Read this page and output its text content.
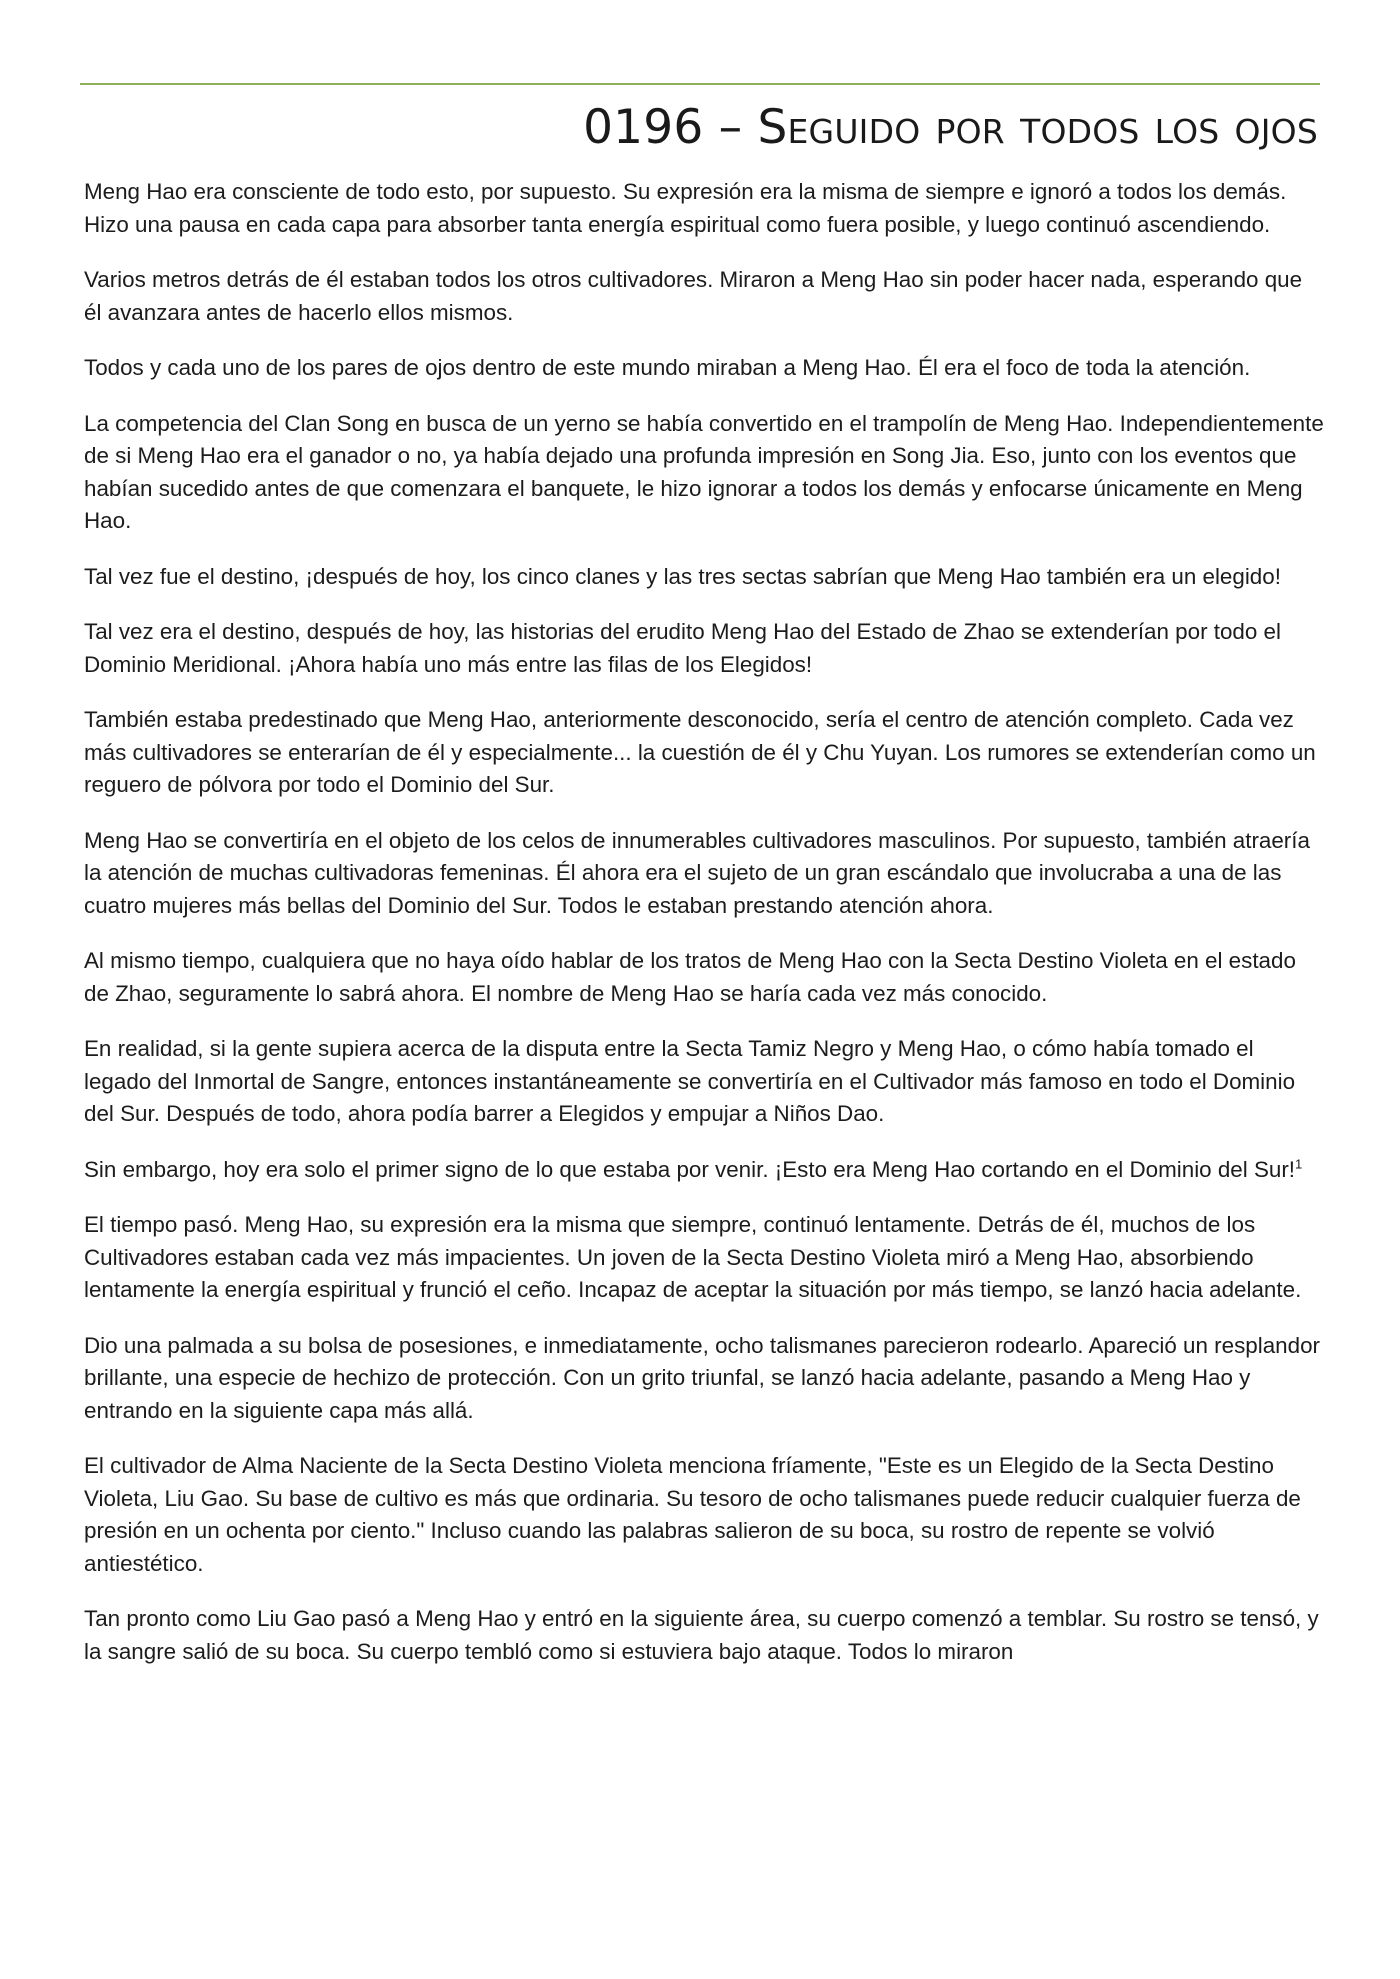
0196 – Seguido por todos los ojos

Meng Hao era consciente de todo esto, por supuesto. Su expresión era la misma de siempre e ignoró a todos los demás. Hizo una pausa en cada capa para absorber tanta energía espiritual como fuera posible, y luego continuó ascendiendo.

Varios metros detrás de él estaban todos los otros cultivadores. Miraron a Meng Hao sin poder hacer nada, esperando que él avanzara antes de hacerlo ellos mismos.

Todos y cada uno de los pares de ojos dentro de este mundo miraban a Meng Hao. Él era el foco de toda la atención.

La competencia del Clan Song en busca de un yerno se había convertido en el trampolín de Meng Hao. Independientemente de si Meng Hao era el ganador o no, ya había dejado una profunda impresión en Song Jia. Eso, junto con los eventos que habían sucedido antes de que comenzara el banquete, le hizo ignorar a todos los demás y enfocarse únicamente en Meng Hao.

Tal vez fue el destino, ¡después de hoy, los cinco clanes y las tres sectas sabrían que Meng Hao también era un elegido!

Tal vez era el destino, después de hoy, las historias del erudito Meng Hao del Estado de Zhao se extenderían por todo el Dominio Meridional. ¡Ahora había uno más entre las filas de los Elegidos!

También estaba predestinado que Meng Hao, anteriormente desconocido, sería el centro de atención completo. Cada vez más cultivadores se enterarían de él y especialmente... la cuestión de él y Chu Yuyan. Los rumores se extenderían como un reguero de pólvora por todo el Dominio del Sur.

Meng Hao se convertiría en el objeto de los celos de innumerables cultivadores masculinos. Por supuesto, también atraería la atención de muchas cultivadoras femeninas. Él ahora era el sujeto de un gran escándalo que involucraba a una de las cuatro mujeres más bellas del Dominio del Sur. Todos le estaban prestando atención ahora.

Al mismo tiempo, cualquiera que no haya oído hablar de los tratos de Meng Hao con la Secta Destino Violeta en el estado de Zhao, seguramente lo sabrá ahora. El nombre de Meng Hao se haría cada vez más conocido.

En realidad, si la gente supiera acerca de la disputa entre la Secta Tamiz Negro y Meng Hao, o cómo había tomado el legado del Inmortal de Sangre, entonces instantáneamente se convertiría en el Cultivador más famoso en todo el Dominio del Sur. Después de todo, ahora podía barrer a Elegidos y empujar a Niños Dao.

Sin embargo, hoy era solo el primer signo de lo que estaba por venir. ¡Esto era Meng Hao cortando en el Dominio del Sur!$^1$

El tiempo pasó. Meng Hao, su expresión era la misma que siempre, continuó lentamente. Detrás de él, muchos de los Cultivadores estaban cada vez más impacientes. Un joven de la Secta Destino Violeta miró a Meng Hao, absorbiendo lentamente la energía espiritual y frunció el ceño. Incapaz de aceptar la situación por más tiempo, se lanzó hacia adelante.

Dio una palmada a su bolsa de posesiones, e inmediatamente, ocho talismanes parecieron rodearlo. Apareció un resplandor brillante, una especie de hechizo de protección. Con un grito triunfal, se lanzó hacia adelante, pasando a Meng Hao y entrando en la siguiente capa más allá.

El cultivador de Alma Naciente de la Secta Destino Violeta menciona fríamente, "Este es un Elegido de la Secta Destino Violeta, Liu Gao. Su base de cultivo es más que ordinaria. Su tesoro de ocho talismanes puede reducir cualquier fuerza de presión en un ochenta por ciento." Incluso cuando las palabras salieron de su boca, su rostro de repente se volvió antiestético.

Tan pronto como Liu Gao pasó a Meng Hao y entró en la siguiente área, su cuerpo comenzó a temblar. Su rostro se tensó, y la sangre salió de su boca. Su cuerpo tembló como si estuviera bajo ataque. Todos lo miraron
